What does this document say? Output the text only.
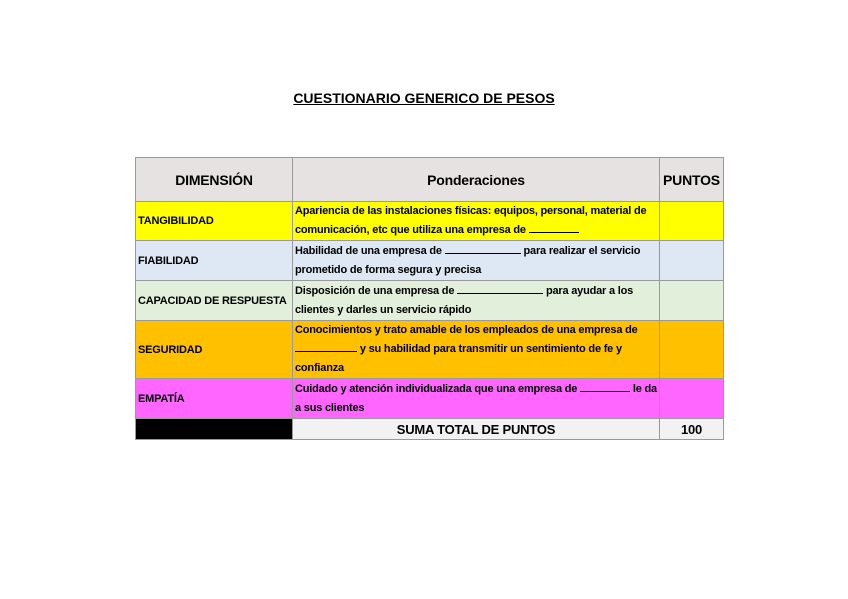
CUESTIONARIO GENERICO DE PESOS
DIMENSIÓN	Ponderaciones	PUNTOS
TANGIBILIDAD	Apariencia de las instalaciones físicas: equipos, personal, material de comunicación, etc que utiliza una empresa de	
FIABILIDAD	Habilidad de una empresa de para realizar el servicio prometido de forma segura y precisa	
CAPACIDAD DE RESPUESTA	Disposición de una empresa de para ayudar a los clientes y darles un servicio rápido	
SEGURIDAD	Conocimientos y trato amable de los empleados de una empresa de  y su habilidad para transmitir un sentimiento de fe y confianza	
EMPATÍA	Cuidado y atención individualizada que una empresa de le da a sus clientes	
	SUMA TOTAL DE PUNTOS	100
